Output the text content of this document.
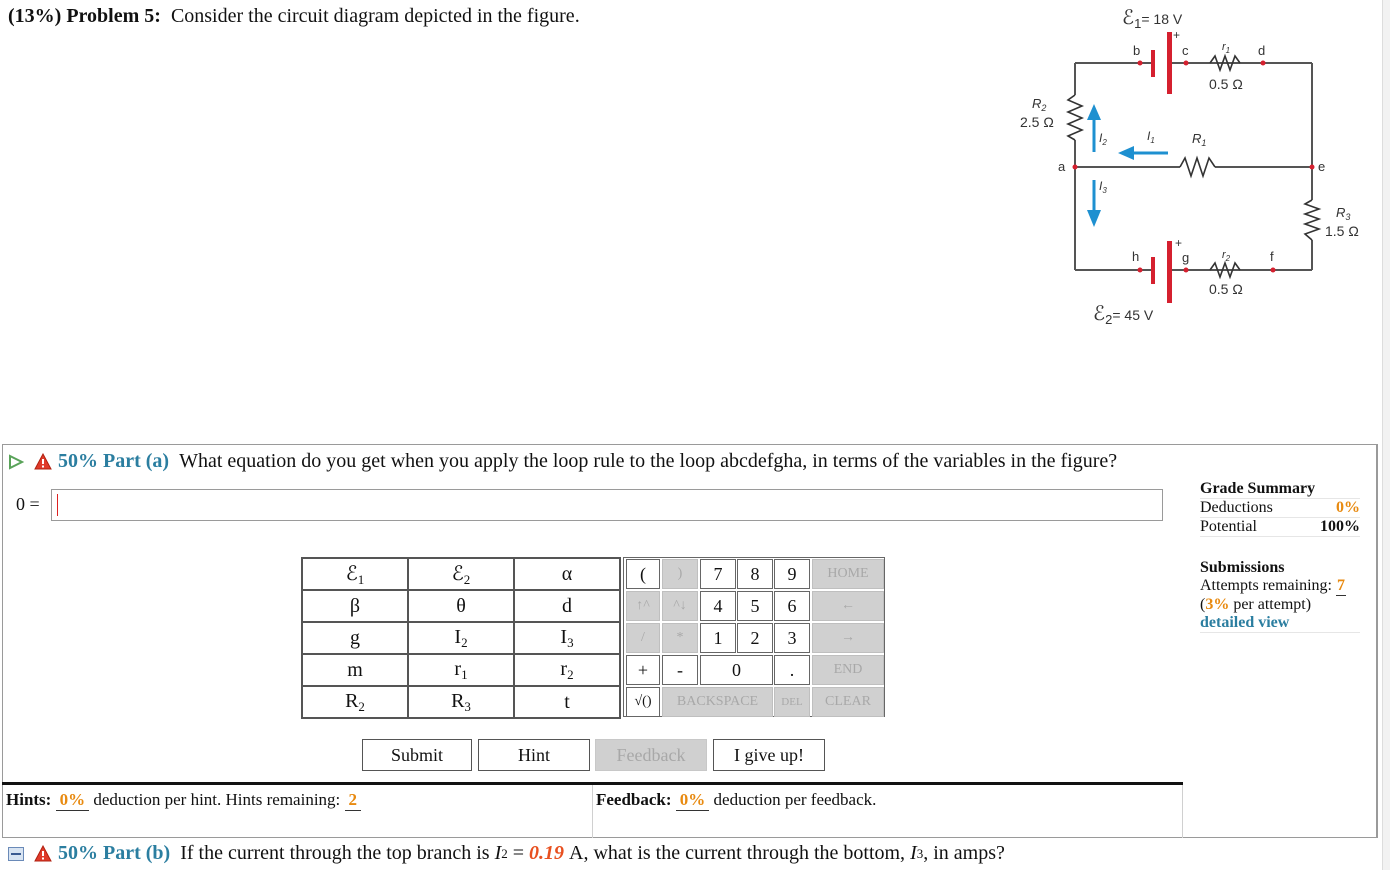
(13%) Problem 5: Consider the circuit diagram depicted in the figure.	ℰ$_1^{= 18 V}$
+
b	c	d
$r_1$
0.5 Ω
$R_2$
2.5 Ω
$I_2$	$I_1$	$R_1$
a	e
$I_3$
$R_3$
1.5 Ω
+
h	g	f
$r_2$
0.5 Ω
ℰ$_2^{= 45 V}$
50% Part (a) What equation do you get when you apply the loop rule to the loop abcdefgha, in terms of the variables in the figure?
0 =
ℰ$_1$	ℰ$_2$	α
β	θ	d
g	$I_2$	$I_3$
m	$r_1$	$r_2$
$R_2$	$R_3$	t
(	)	7	8	9	HOME
↑^	^↓	4	5	6	←
/	*	1	2	3	→
+	-	0	.	END
√()	BACKSPACE	DEL	CLEAR
Submit	Hint	Feedback	I give up!
Hints: 0% deduction per hint. Hints remaining: 2	Feedback: 0% deduction per feedback.
Grade Summary
Deductions	0%
Potential	100%
Submissions
Attempts remaining: 7
(3% per attempt)
detailed view
50% Part (b) If the current through the top branch is
I 2
=
0.19
A, what is the current through the bottom,
I 3 , in amps?
